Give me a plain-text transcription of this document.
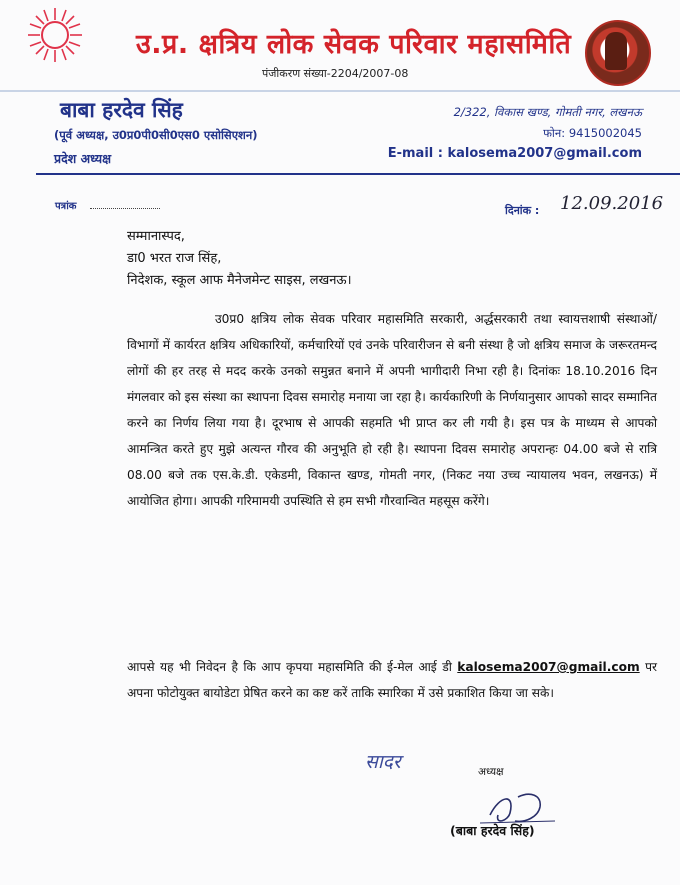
उ.प्र. क्षत्रिय लोक सेवक परिवार महासमिति
पंजीकरण संख्या-2204/2007-08
बाबा हरदेव सिंह
(पूर्व अध्यक्ष, उ0प्र0पी0सी0एस0 एसोसिएशन)
प्रदेश अध्यक्ष
2/322, विकास खण्ड, गोमती नगर, लखनऊ
फोन: 9415002045
E-mail : kalosema2007@gmail.com
पत्रांक	दिनांक : 12.09.2016
सम्मानास्पद,
डा0 भरत राज सिंह,
निदेशक, स्कूल आफ मैनेजमेन्ट साइस, लखनऊ।

उ0प्र0 क्षत्रिय लोक सेवक परिवार महासमिति सरकारी, अर्द्धसरकारी तथा स्वायत्तशाषी संस्थाओं/विभागों में कार्यरत क्षत्रिय अधिकारियों, कर्मचारियों एवं उनके परिवारीजन से बनी संस्था है जो क्षत्रिय समाज के जरूरतमन्द लोगों की हर तरह से मदद करके उनको समुन्नत बनाने में अपनी भागीदारी निभा रही है। दिनांकः 18.10.2016 दिन मंगलवार को इस संस्था का स्थापना दिवस समारोह मनाया जा रहा है। कार्यकारिणी के निर्णयानुसार आपको सादर सम्मानित करने का निर्णय लिया गया है। दूरभाष से आपकी सहमति भी प्राप्त कर ली गयी है। इस पत्र के माध्यम से आपको आमन्त्रित करते हुए मुझे अत्यन्त गौरव की अनुभूति हो रही है। स्थापना दिवस समारोह अपरान्हः 04.00 बजे से रात्रि 08.00 बजे तक एस.के.डी. एकेडमी, विकान्त खण्ड, गोमती नगर, (निकट नया उच्च न्यायालय भवन, लखनऊ) में आयोजित होगा। आपकी गरिमामयी उपस्थिति से हम सभी गौरवान्वित महसूस करेंगे।

आपसे यह भी निवेदन है कि आप कृपया महासमिति की ई-मेल आई डी kalosema2007@gmail.com पर अपना फोटोयुक्त बायोडेटा प्रेषित करने का कष्ट करें ताकि स्मारिका में उसे प्रकाशित किया जा सके।

सादर	अध्यक्ष
(बाबा हरदेव सिंह)
